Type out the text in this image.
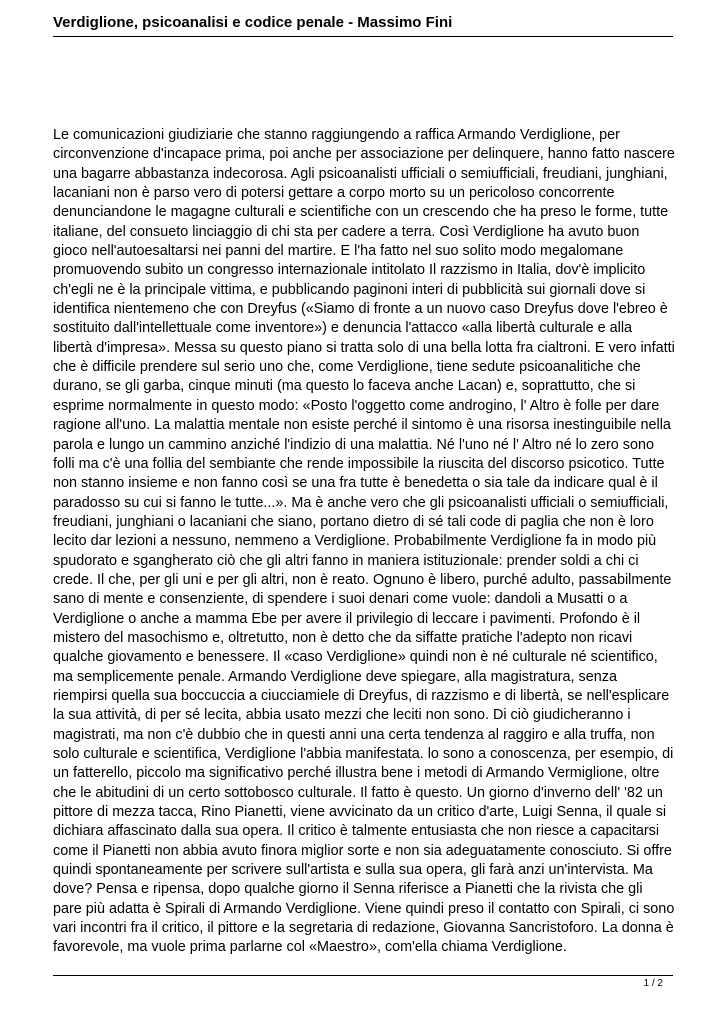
Verdiglione, psicoanalisi e codice penale - Massimo Fini

Le comunicazioni giudiziarie che stanno raggiungendo a raffica Armando Verdiglione, per circonvenzione d'incapace prima, poi anche per associazione per delinquere, hanno fatto nascere una bagarre abbastanza indecorosa. Agli psicoanalisti ufficiali o semiufficiali, freudiani, junghiani, lacaniani non è parso vero di potersi gettare a corpo morto su un pericoloso concorrente denunciandone le magagne culturali e scientifiche con un crescendo che ha preso le forme, tutte italiane, del consueto linciaggio di chi sta per cadere a terra. Così Verdiglione ha avuto buon gioco nell'autoesaltarsi nei panni del martire. E l'ha fatto nel suo solito modo megalomane promuovendo subito un congresso internazionale intitolato Il razzismo in Italia, dov'è implicito ch'egli ne è la principale vittima, e pubblicando paginoni interi di pubblicità sui giornali dove si identifica nientemeno che con Dreyfus («Siamo di fronte a un nuovo caso Dreyfus dove l'ebreo è sostituito dall'intellettuale come inventore») e denuncia l'attacco «alla libertà culturale e alla libertà d'impresa». Messa su questo piano si tratta solo di una bella lotta fra cialtroni. E vero infatti che è difficile prendere sul serio uno che, come Verdiglione, tiene sedute psicoanalitiche che durano, se gli garba, cinque minuti (ma questo lo faceva anche Lacan) e, soprattutto, che si esprime normalmente in questo modo: «Posto l'oggetto come androgino, l' Altro è folle per dare ragione all'uno. La malattia mentale non esiste perché il sintomo è una risorsa inestinguibile nella parola e lungo un cammino anziché l'indizio di una malattia. Né l'uno né l' Altro né lo zero sono folli ma c'è una follia del sembiante che rende impossibile la riuscita del discorso psicotico. Tutte non stanno insieme e non fanno così se una fra tutte è benedetta o sia tale da indicare qual è il paradosso su cui si fanno le tutte...». Ma è anche vero che gli psicoanalisti ufficiali o semiufficiali, freudiani, junghiani o lacaniani che siano, portano dietro di sé tali code di paglia che non è loro lecito dar lezioni a nessuno, nemmeno a Verdiglione. Probabilmente Verdiglione fa in modo più spudorato e sgangherato ciò che gli altri fanno in maniera istituzionale: prender soldi a chi ci crede. Il che, per gli uni e per gli altri, non è reato. Ognuno è libero, purché adulto, passabilmente sano di mente e consenziente, di spendere i suoi denari come vuole: dandoli a Musatti o a Verdiglione o anche a mamma Ebe per avere il privilegio di leccare i pavimenti. Profondo è il mistero del masochismo e, oltretutto, non è detto che da siffatte pratiche l'adepto non ricavi qualche giovamento e benessere. Il «caso Verdiglione» quindi non è né culturale né scientifico, ma semplicemente penale. Armando Verdiglione deve spiegare, alla magistratura, senza riempirsi quella sua boccuccia a ciucciamiele di Dreyfus, di razzismo e di libertà, se nell'esplicare la sua attività, di per sé lecita, abbia usato mezzi che leciti non sono. Di ciò giudicheranno i magistrati, ma non c'è dubbio che in questi anni una certa tendenza al raggiro e alla truffa, non solo culturale e scientifica, Verdiglione l'abbia manifestata. lo sono a conoscenza, per esempio, di un fatterello, piccolo ma significativo perché illustra bene i metodi di Armando Vermiglione, oltre che le abitudini di un certo sottobosco culturale. Il fatto è questo. Un giorno d'inverno dell' '82 un pittore di mezza tacca, Rino Pianetti, viene avvicinato da un critico d'arte, Luigi Senna, il quale si dichiara affascinato dalla sua opera. Il critico è talmente entusiasta che non riesce a capacitarsi come il Pianetti non abbia avuto finora miglior sorte e non sia adeguatamente conosciuto. Si offre quindi spontaneamente per scrivere sull'artista e sulla sua opera, gli farà anzi un'intervista. Ma dove? Pensa e ripensa, dopo qualche giorno il Senna riferisce a Pianetti che la rivista che gli pare più adatta è Spirali di Armando Verdiglione. Viene quindi preso il contatto con Spirali, ci sono vari incontri fra il critico, il pittore e la segretaria di redazione, Giovanna Sancristoforo. La donna è favorevole, ma vuole prima parlarne col «Maestro», com'ella chiama Verdiglione.

1 / 2
